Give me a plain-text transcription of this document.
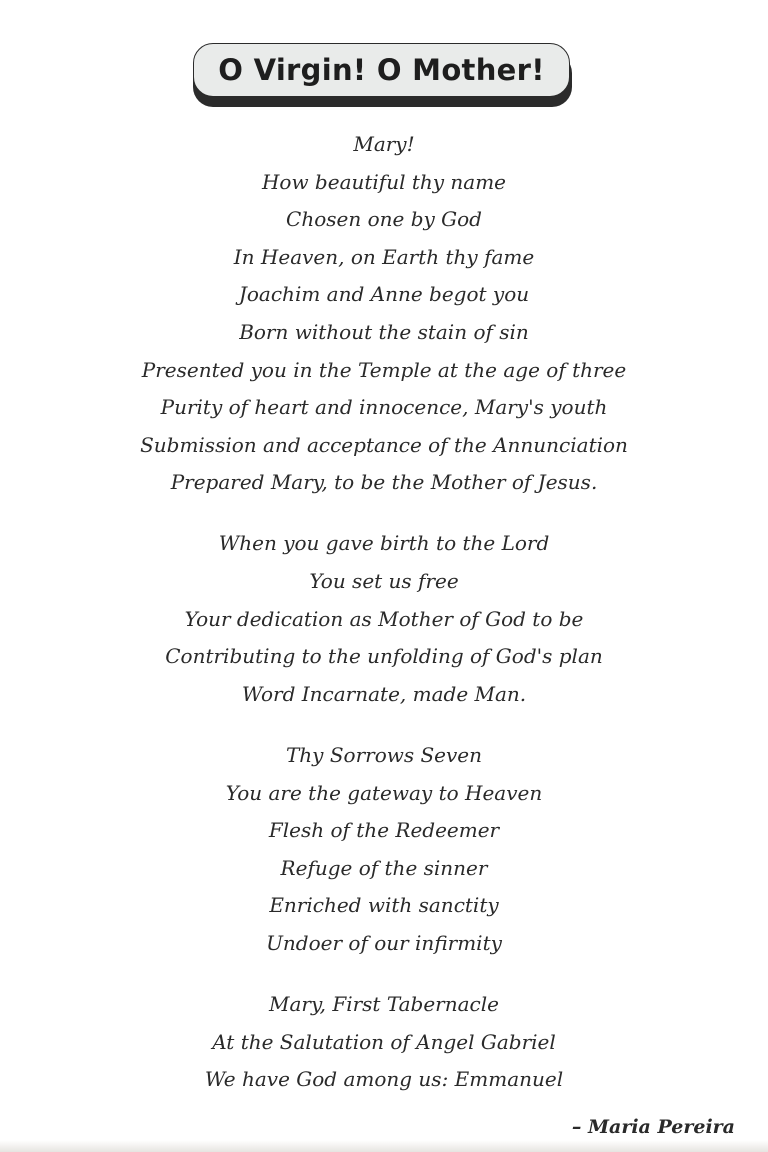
O Virgin! O Mother!
Mary!
How beautiful thy name
Chosen one by God
In Heaven, on Earth thy fame
Joachim and Anne begot you
Born without the stain of sin
Presented you in the Temple at the age of three
Purity of heart and innocence, Mary's youth
Submission and acceptance of the Annunciation
Prepared Mary, to be the Mother of Jesus.
When you gave birth to the Lord
You set us free
Your dedication as Mother of God to be
Contributing to the unfolding of God's plan
Word Incarnate, made Man.
Thy Sorrows Seven
You are the gateway to Heaven
Flesh of the Redeemer
Refuge of the sinner
Enriched with sanctity
Undoer of our infirmity
Mary, First Tabernacle
At the Salutation of Angel Gabriel
We have God among us: Emmanuel
– Maria Pereira
